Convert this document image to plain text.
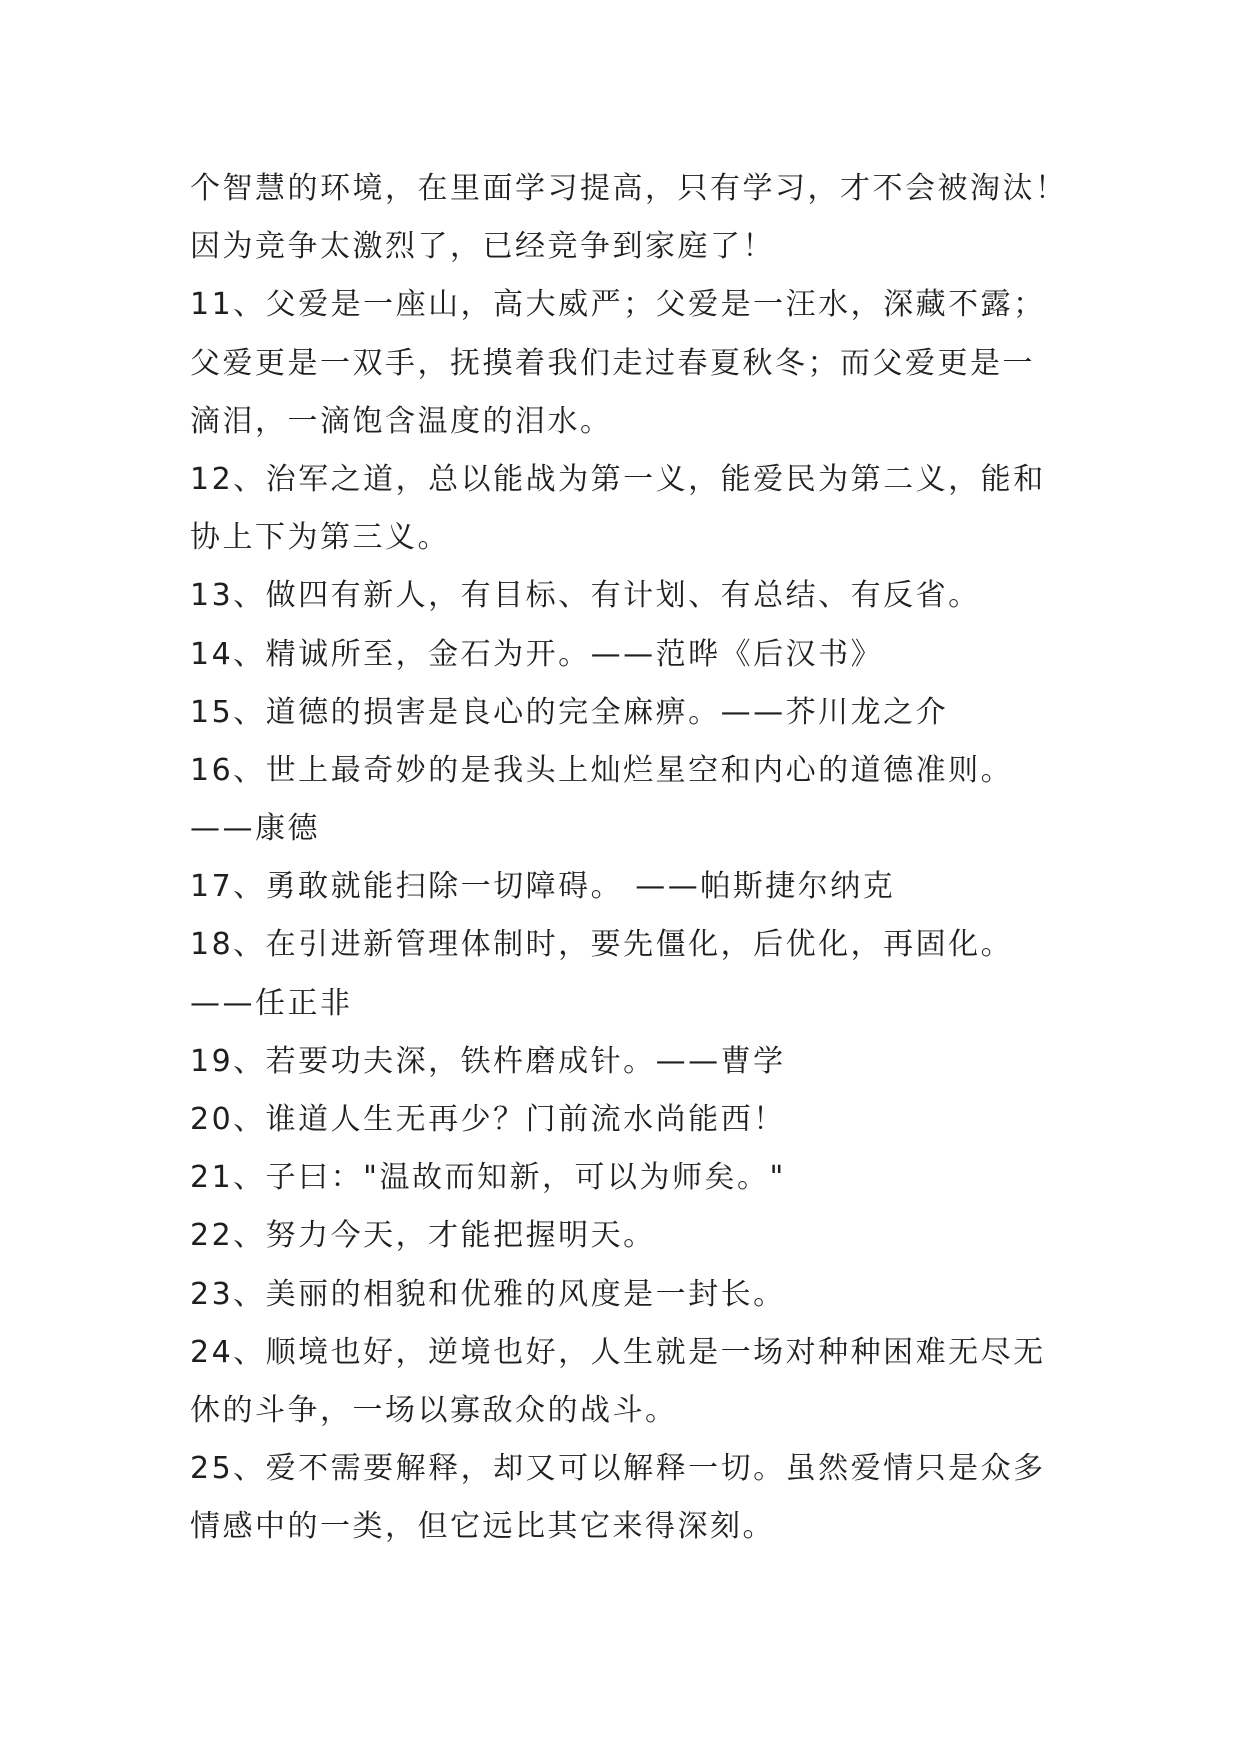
个智慧的环境，在里面学习提高，只有学习，才不会被淘汰！
因为竞争太激烈了，已经竞争到家庭了！
11、父爱是一座山，高大威严；父爱是一汪水，深藏不露；
父爱更是一双手，抚摸着我们走过春夏秋冬；而父爱更是一
滴泪，一滴饱含温度的泪水。
12、治军之道，总以能战为第一义，能爱民为第二义，能和
协上下为第三义。
13、做四有新人，有目标、有计划、有总结、有反省。
14、精诚所至，金石为开。——范晔《后汉书》
15、道德的损害是良心的完全麻痹。——芥川龙之介
16、世上最奇妙的是我头上灿烂星空和内心的道德准则。
——康德
17、勇敢就能扫除一切障碍。 ——帕斯捷尔纳克
18、在引进新管理体制时，要先僵化，后优化，再固化。
——任正非
19、若要功夫深，铁杵磨成针。——曹学
20、谁道人生无再少？门前流水尚能西！
21、子曰："温故而知新，可以为师矣。"
22、努力今天，才能把握明天。
23、美丽的相貌和优雅的风度是一封长。
24、顺境也好，逆境也好，人生就是一场对种种困难无尽无
休的斗争，一场以寡敌众的战斗。
25、爱不需要解释，却又可以解释一切。虽然爱情只是众多
情感中的一类，但它远比其它来得深刻。
